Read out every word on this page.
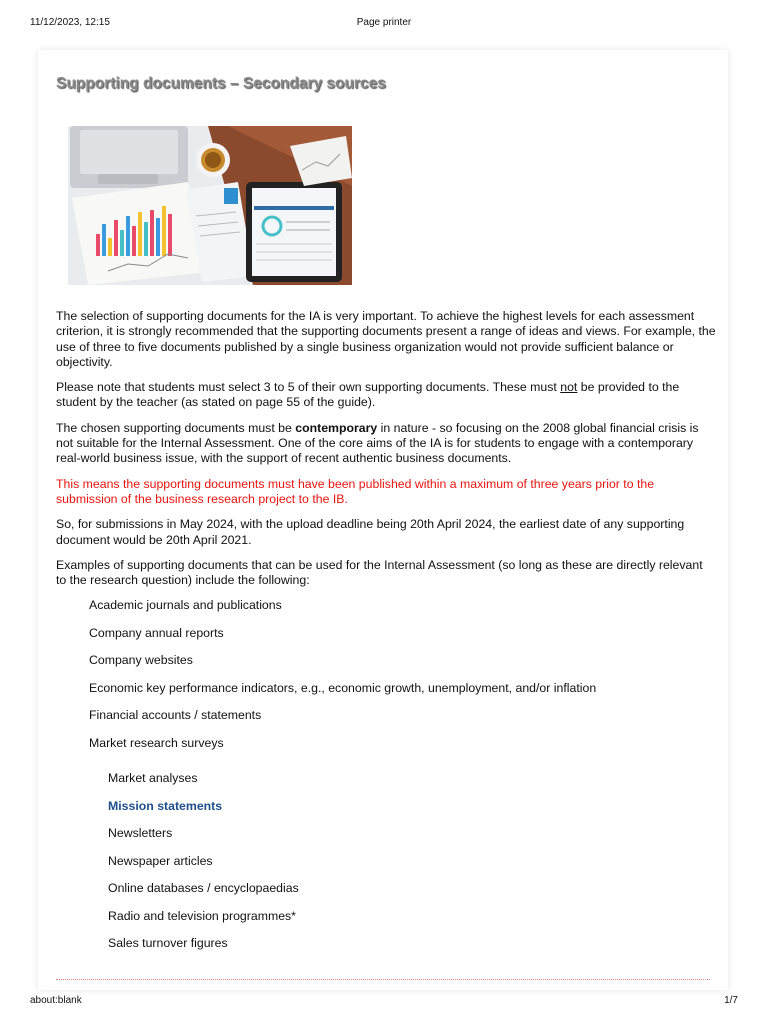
11/12/2023, 12:15	Page printer
Supporting documents – Secondary sources

The selection of supporting documents for the IA is very important. To achieve the highest levels for each assessment criterion, it is strongly recommended that the supporting documents present a range of ideas and views. For example, the use of three to five documents published by a single business organization would not provide sufficient balance or objectivity.

Please note that students must select 3 to 5 of their own supporting documents. These must not be provided to the student by the teacher (as stated on page 55 of the guide).

The chosen supporting documents must be contemporary in nature - so focusing on the 2008 global financial crisis is not suitable for the Internal Assessment. One of the core aims of the IA is for students to engage with a contemporary real-world business issue, with the support of recent authentic business documents.

This means the supporting documents must have been published within a maximum of three years prior to the submission of the business research project to the IB.

So, for submissions in May 2024, with the upload deadline being 20th April 2024, the earliest date of any supporting document would be 20th April 2021.

Examples of supporting documents that can be used for the Internal Assessment (so long as these are directly relevant to the research question) include the following:

Academic journals and publications
Company annual reports
Company websites
Economic key performance indicators, e.g., economic growth, unemployment, and/or inflation
Financial accounts / statements
Market research surveys
Market analyses
Mission statements
Newsletters
Newspaper articles
Online databases / encyclopaedias
Radio and television programmes*
Sales turnover figures
about:blank	1/7
